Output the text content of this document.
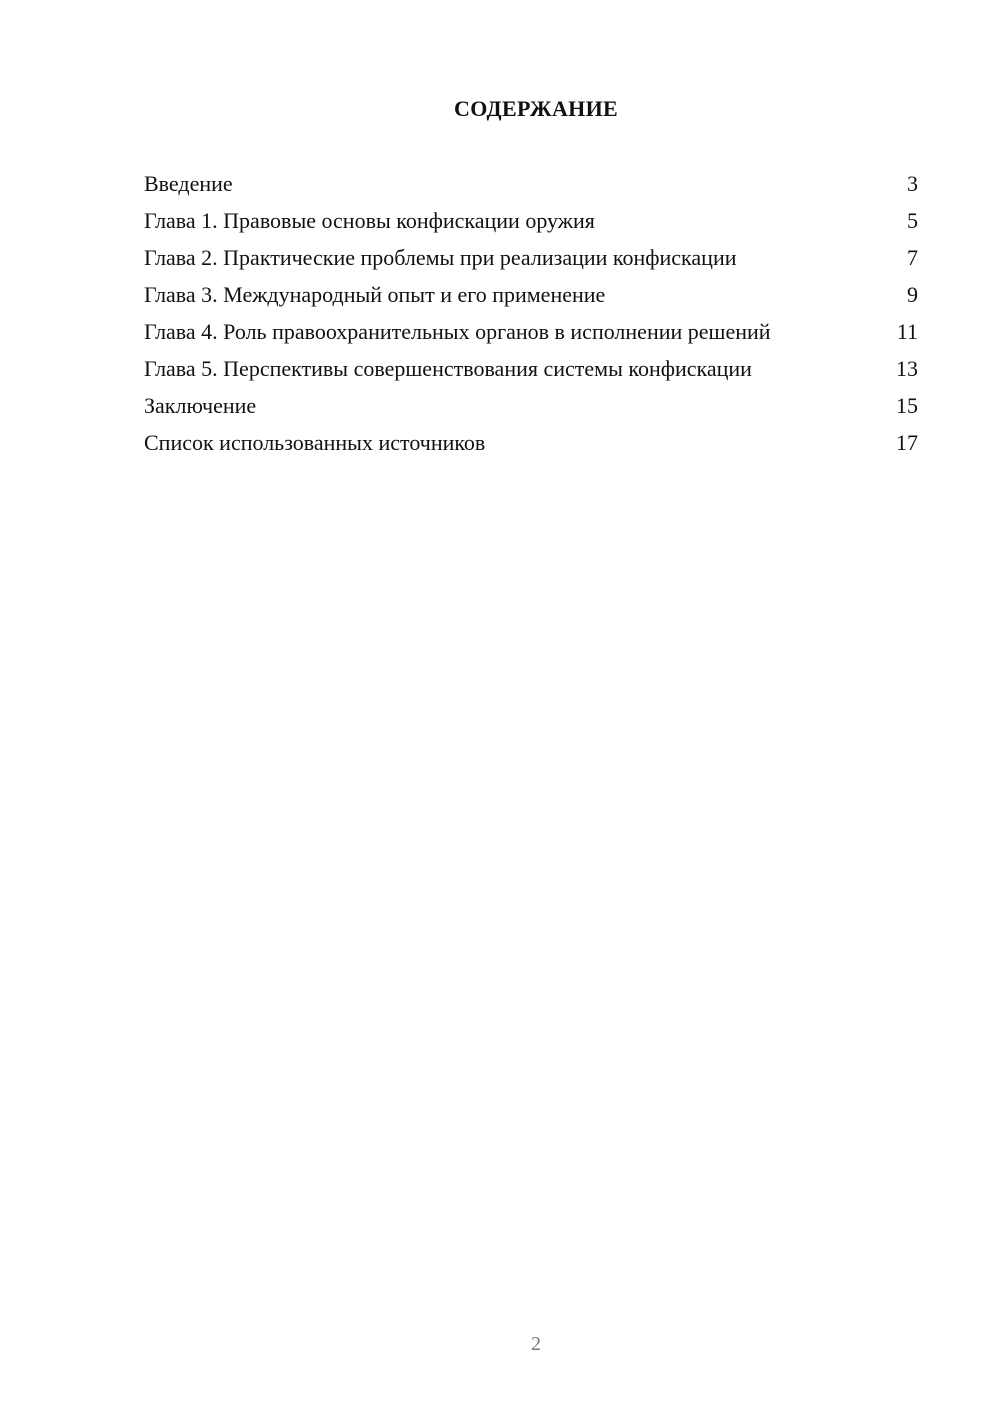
СОДЕРЖАНИЕ
Введение	3
Глава 1. Правовые основы конфискации оружия	5
Глава 2. Практические проблемы при реализации конфискации	7
Глава 3. Международный опыт и его применение	9
Глава 4. Роль правоохранительных органов в исполнении решений	11
Глава 5. Перспективы совершенствования системы конфискации	13
Заключение	15
Список использованных источников	17
2
